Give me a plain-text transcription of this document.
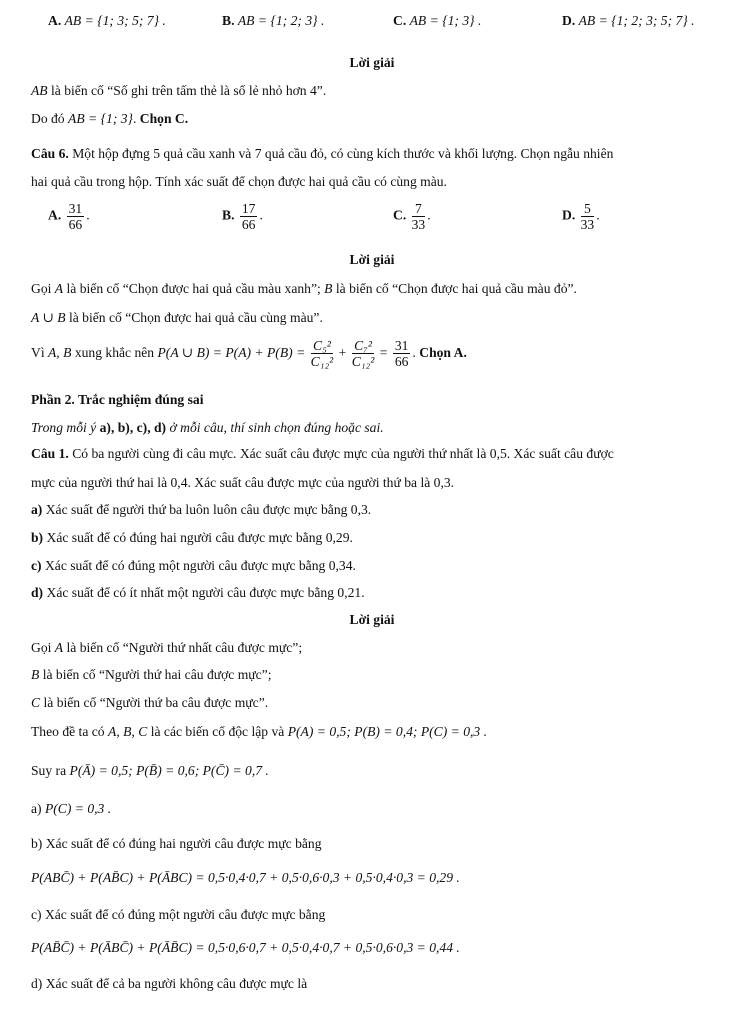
A. AB = {1; 3; 5; 7} .	B. AB = {1; 2; 3} .	C. AB = {1; 3} .	D. AB = {1; 2; 3; 5; 7} .
Lời giải
AB là biến cố “Số ghi trên tấm thẻ là số lẻ nhỏ hơn 4”.
Do đó AB = {1; 3}. Chọn C.
Câu 6. Một hộp đựng 5 quả cầu xanh và 7 quả cầu đỏ, có cùng kích thước và khối lượng. Chọn ngẫu nhiên
hai quả cầu trong hộp. Tính xác suất để chọn được hai quả cầu có cùng màu.
A. $\frac{31}{66}$ .	B. $\frac{17}{66}$ .	C. $\frac{7}{33}$ .	D. $\frac{5}{33}$ .
Lời giải
Gọi A là biến cố “Chọn được hai quả cầu màu xanh”; B là biến cố “Chọn được hai quả cầu màu đỏ”.
A ∪ B là biến cố “Chọn được hai quả cầu cùng màu”.
Vì A, B xung khắc nên P(A ∪ $B) = P(A) + P(B) = \frac{\text{C₅²}}{\text{C₁₂²}} + \frac{\text{C₇²}}{\text{C₁₂²}} = \frac{31}{66}$ . Chọn A.
Phần 2. Trắc nghiệm đúng sai
Trong mỗi ý a), b), c), d) ở mỗi câu, thí sinh chọn đúng hoặc sai.
Câu 1. Có ba người cùng đi câu mực. Xác suất câu được mực của người thứ nhất là 0,5. Xác suất câu được
mực của người thứ hai là 0,4. Xác suất câu được mực của người thứ ba là 0,3.
a) Xác suất để người thứ ba luôn luôn câu được mực bằng 0,3.
b) Xác suất để có đúng hai người câu được mực bằng 0,29.
c) Xác suất để có đúng một người câu được mực bằng 0,34.
d) Xác suất để có ít nhất một người câu được mực bằng 0,21.
Lời giải
Gọi A là biến cố “Người thứ nhất câu được mực”;
B là biến cố “Người thứ hai câu được mực”;
C là biến cố “Người thứ ba câu được mực”.
Theo đề ta có A, B, C là các biến cố độc lập và P(A) = 0,5; P(B) = 0,4; P(C) = 0,3 .
Suy ra P(Ā) = 0,5; P(B̄) = 0,6; P(C̄) = 0,7 .
a) P(C) = 0,3 .
b) Xác suất để có đúng hai người câu được mực bằng
P(ABC̄) + P(AB̄C) + P(ĀBC) = 0,5·0,4·0,7 + 0,5·0,6·0,3 + 0,5·0,4·0,3 = 0,29 .
c) Xác suất để có đúng một người câu được mực bằng
P(AB̄C̄) + P(ĀBC̄) + P(ĀB̄C) = 0,5·0,6·0,7 + 0,5·0,4·0,7 + 0,5·0,6·0,3 = 0,44 .
d) Xác suất để cả ba người không câu được mực là
